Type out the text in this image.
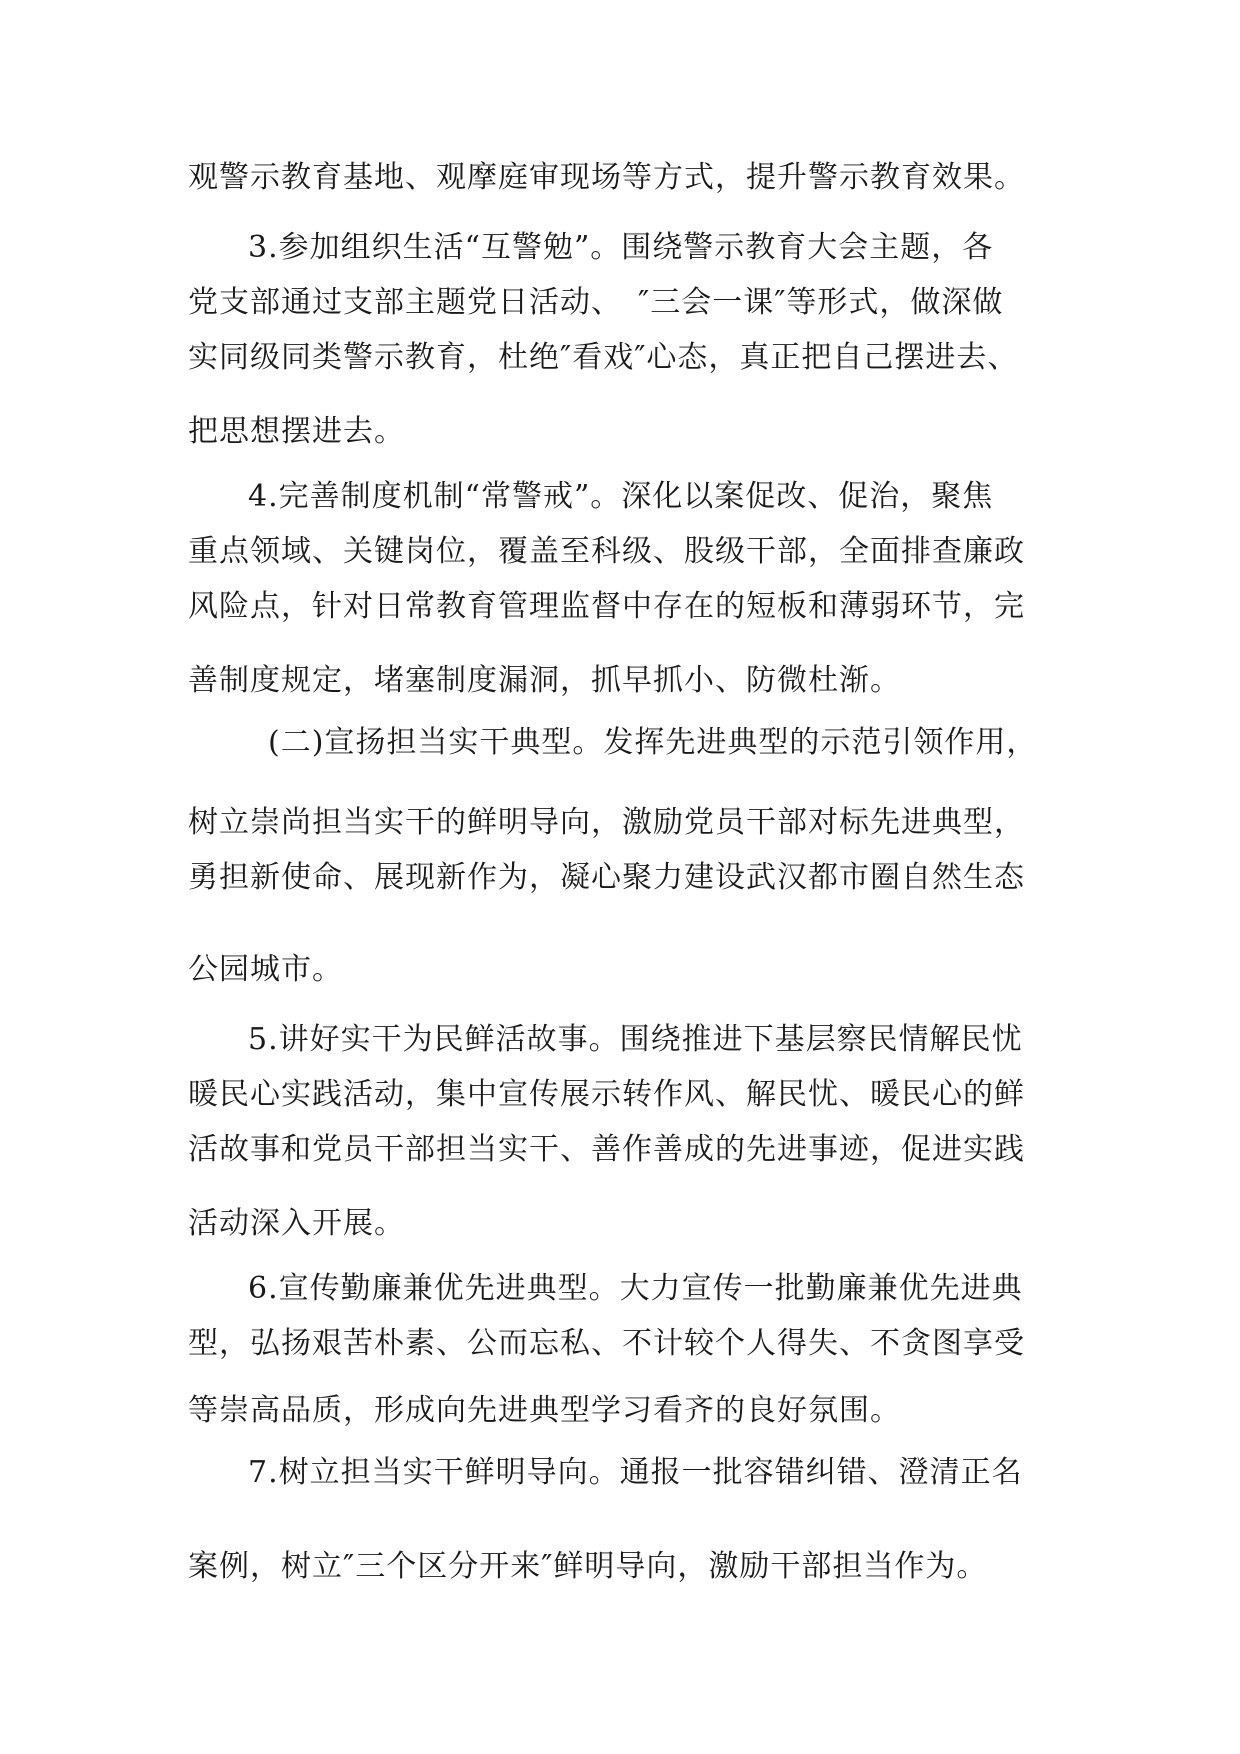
观警示教育基地、观摩庭审现场等方式，提升警示教育效果。
3.参加组织生活“互警勉”。围绕警示教育大会主题，各
党支部通过支部主题党日活动、　″三会一课″等形式，做深做
实同级同类警示教育，杜绝″看戏″心态，真正把自己摆进去、
把思想摆进去。
4.完善制度机制“常警戒”。深化以案促改、促治，聚焦
重点领域、关键岗位，覆盖至科级、股级干部，全面排查廉政
风险点，针对日常教育管理监督中存在的短板和薄弱环节，完
善制度规定，堵塞制度漏洞，抓早抓小、防微杜渐。
(二)宣扬担当实干典型。发挥先进典型的示范引领作用，
树立崇尚担当实干的鲜明导向，激励党员干部对标先进典型，
勇担新使命、展现新作为，凝心聚力建设武汉都市圈自然生态
公园城市。
5.讲好实干为民鲜活故事。围绕推进下基层察民情解民忧
暖民心实践活动，集中宣传展示转作风、解民忧、暖民心的鲜
活故事和党员干部担当实干、善作善成的先进事迹，促进实践
活动深入开展。
6.宣传勤廉兼优先进典型。大力宣传一批勤廉兼优先进典
型，弘扬艰苦朴素、公而忘私、不计较个人得失、不贪图享受
等崇高品质，形成向先进典型学习看齐的良好氛围。
7.树立担当实干鲜明导向。通报一批容错纠错、澄清正名
案例，树立″三个区分开来″鲜明导向，激励干部担当作为。
